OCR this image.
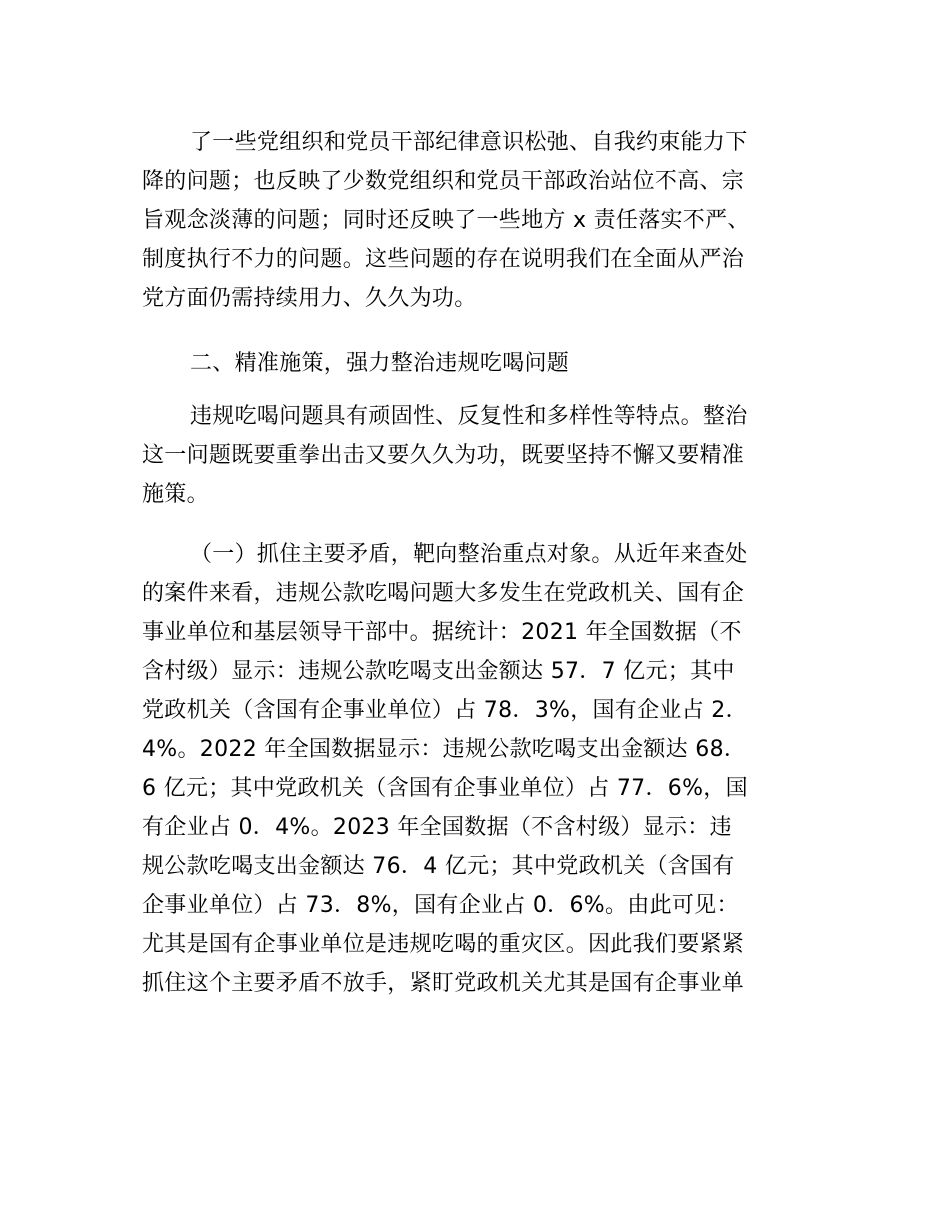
了一些党组织和党员干部纪律意识松弛、自我约束能力下
降的问题；也反映了少数党组织和党员干部政治站位不高、宗
旨观念淡薄的问题；同时还反映了一些地方 x 责任落实不严、
制度执行不力的问题。这些问题的存在说明我们在全面从严治
党方面仍需持续用力、久久为功。
二、精准施策，强力整治违规吃喝问题
违规吃喝问题具有顽固性、反复性和多样性等特点。整治
这一问题既要重拳出击又要久久为功，既要坚持不懈又要精准
施策。
（一）抓住主要矛盾，靶向整治重点对象。从近年来查处
的案件来看，违规公款吃喝问题大多发生在党政机关、国有企
事业单位和基层领导干部中。据统计：2021 年全国数据（不
含村级）显示：违规公款吃喝支出金额达 57．7 亿元；其中
党政机关（含国有企事业单位）占 78．3%，国有企业占 2．
4%。2022 年全国数据显示：违规公款吃喝支出金额达 68．
6 亿元；其中党政机关（含国有企事业单位）占 77．6%，国
有企业占 0．4%。2023 年全国数据（不含村级）显示：违
规公款吃喝支出金额达 76．4 亿元；其中党政机关（含国有
企事业单位）占 73．8%，国有企业占 0．6%。由此可见：
尤其是国有企事业单位是违规吃喝的重灾区。因此我们要紧紧
抓住这个主要矛盾不放手，紧盯党政机关尤其是国有企事业单
